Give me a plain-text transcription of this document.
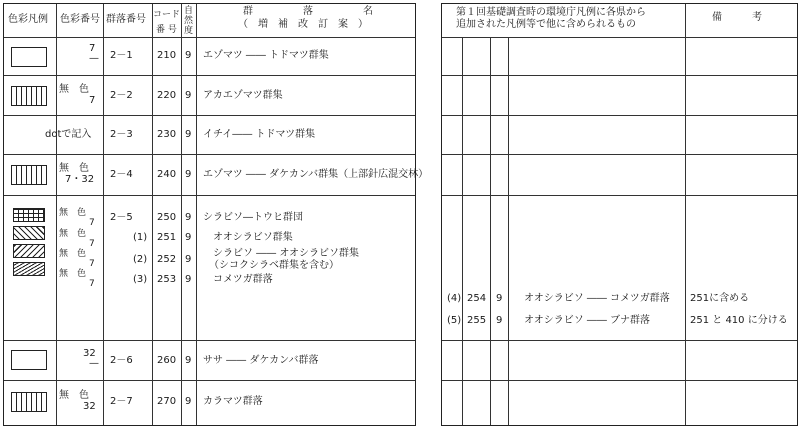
色彩凡例 色彩番号 群落番号 コード
番 号
自
然
度
群　　　　　落　　　　　名
（　増　補　改　訂　案　）
7
— 2－1 210 9 エゾマツ ―― トドマツ群集
無　色
7 2－2 220 9 アカエゾマツ群集
dotで記入 2－3 230 9 イチイ―― トドマツ群集
無　色
7・32 2－4 240 9 エゾマツ ―― ダケカンバ群集（上部針広混交林）
無　色
7
無　色
7
無　色
7
無　色
7
2－5
(1)
(2)
(3)
250
251
252
253
9
9
9
9
シラビソ―トウヒ群団
オオシラビソ群集
シラビソ ―― オオシラビソ群集
（シコクシラベ群集を含む）
コメツガ群落
32
— 2－6 260 9 ササ ―― ダケカンバ群落
無　色
32 2－7 270 9 カラマツ群落
第１回基礎調査時の環境庁凡例に各県から
追加された凡例等で他に含められるもの
備　　　考
(4) 254 9 オオシラビソ ―― コメツガ群落 251に含める
(5) 255 9 オオシラビソ ―― ブナ群落	251 と 410 に分ける
